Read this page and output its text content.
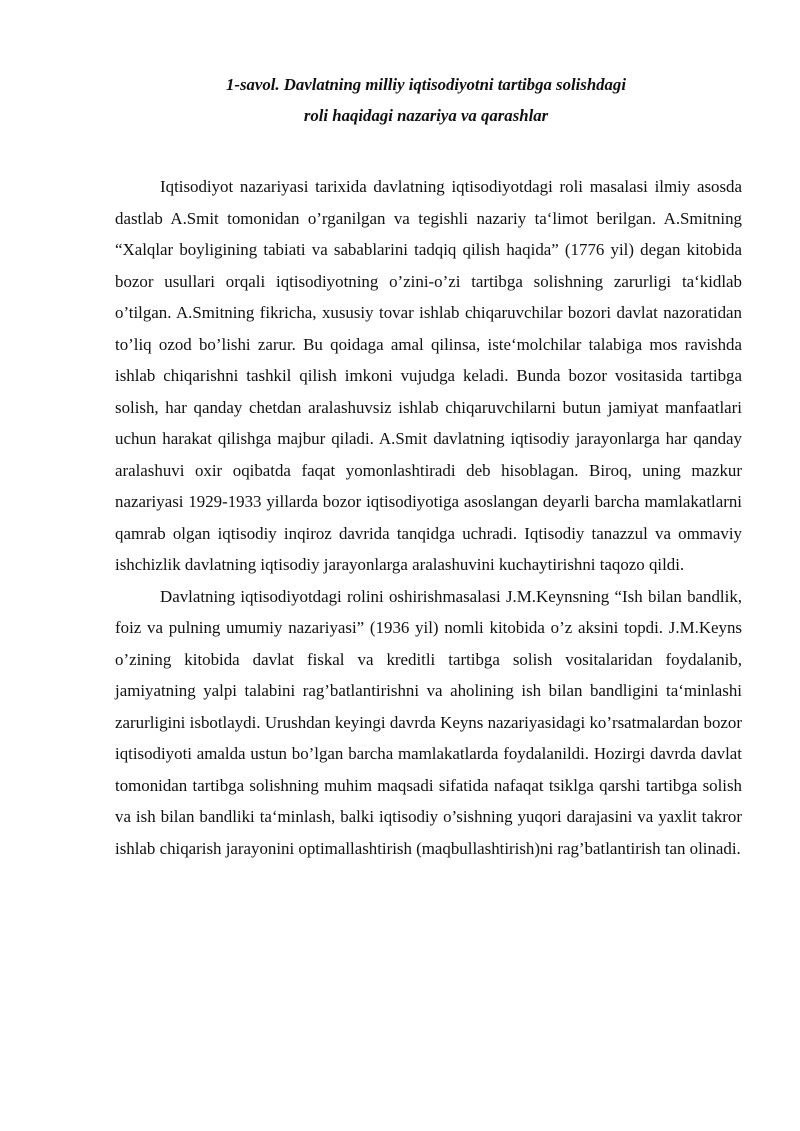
1-savol. Davlatning milliy iqtisodiyotni tartibga solishdagi
roli haqidagi nazariya va qarashlar

Iqtisodiyot nazariyasi tarixida davlatning iqtisodiyotdagi roli masalasi ilmiy asosda dastlab A.Smit tomonidan o’rganilgan va tegishli nazariy ta‘limot berilgan. A.Smitning “Xalqlar boyligining tabiati va sabablarini tadqiq qilish haqida” (1776 yil) degan kitobida bozor usullari orqali iqtisodiyotning o’zini-o’zi tartibga solishning zarurligi ta‘kidlab o’tilgan. A.Smitning fikricha, xususiy tovar ishlab chiqaruvchilar bozori davlat nazoratidan to’liq ozod bo’lishi zarur. Bu qoidaga amal qilinsa, iste‘molchilar talabiga mos ravishda ishlab chiqarishni tashkil qilish imkoni vujudga keladi. Bunda bozor vositasida tartibga solish, har qanday chetdan aralashuvsiz ishlab chiqaruvchilarni butun jamiyat manfaatlari uchun harakat qilishga majbur qiladi. A.Smit davlatning iqtisodiy jarayonlarga har qanday aralashuvi oxir oqibatda faqat yomonlashtiradi deb hisoblagan. Biroq, uning mazkur nazariyasi 1929-1933 yillarda bozor iqtisodiyotiga asoslangan deyarli barcha mamlakatlarni qamrab olgan iqtisodiy inqiroz davrida tanqidga uchradi. Iqtisodiy tanazzul va ommaviy ishchizlik davlatning iqtisodiy jarayonlarga aralashuvini kuchaytirishni taqozo qildi.

Davlatning iqtisodiyotdagi rolini oshirishmasalasi J.M.Keynsning “Ish bilan bandlik, foiz va pulning umumiy nazariyasi” (1936 yil) nomli kitobida o’z aksini topdi. J.M.Keyns o’zining kitobida davlat fiskal va kreditli tartibga solish vositalaridan foydalanib, jamiyatning yalpi talabini rag’batlantirishni va aholining ish bilan bandligini ta‘minlashi zarurligini isbotlaydi. Urushdan keyingi davrda Keyns nazariyasidagi ko’rsatmalardan bozor iqtisodiyoti amalda ustun bo’lgan barcha mamlakatlarda foydalanildi. Hozirgi davrda davlat tomonidan tartibga solishning muhim maqsadi sifatida nafaqat tsiklga qarshi tartibga solish va ish bilan bandliki ta‘minlash, balki iqtisodiy o’sishning yuqori darajasini va yaxlit takror ishlab chiqarish jarayonini optimallashtirish (maqbullashtirish)ni rag’batlantirish tan olinadi.
